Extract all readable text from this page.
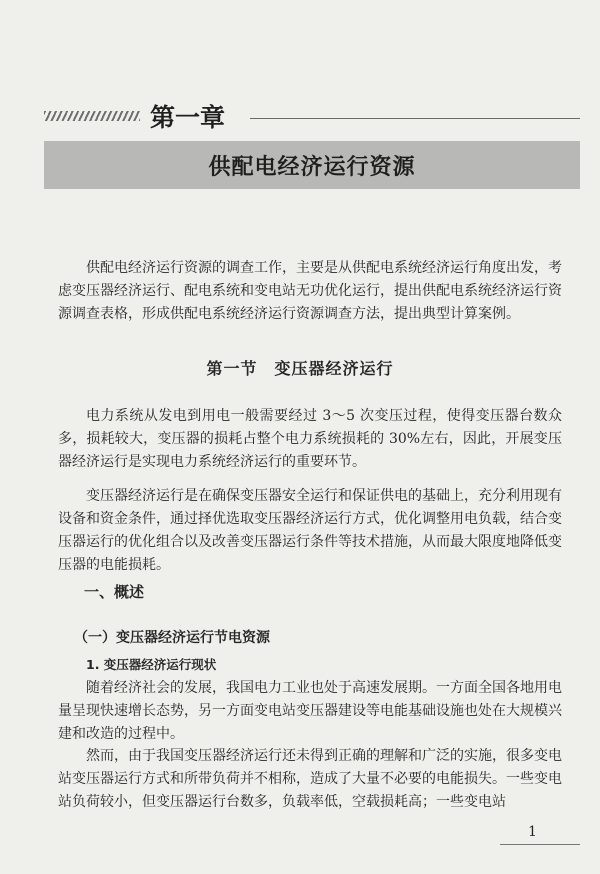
第一章
供配电经济运行资源

供配电经济运行资源的调查工作，主要是从供配电系统经济运行角度出发，考虑变压器经济运行、配电系统和变电站无功优化运行，提出供配电系统经济运行资源调查表格，形成供配电系统经济运行资源调查方法，提出典型计算案例。

第一节　变压器经济运行

电力系统从发电到用电一般需要经过 3～5 次变压过程，使得变压器台数众多，损耗较大，变压器的损耗占整个电力系统损耗的 30%左右，因此，开展变压器经济运行是实现电力系统经济运行的重要环节。

变压器经济运行是在确保变压器安全运行和保证供电的基础上，充分利用现有设备和资金条件，通过择优选取变压器经济运行方式，优化调整用电负载，结合变压器运行的优化组合以及改善变压器运行条件等技术措施，从而最大限度地降低变压器的电能损耗。

一、概述
（一）变压器经济运行节电资源
1. 变压器经济运行现状

随着经济社会的发展，我国电力工业也处于高速发展期。一方面全国各地用电量呈现快速增长态势，另一方面变电站变压器建设等电能基础设施也处在大规模兴建和改造的过程中。

然而，由于我国变压器经济运行还未得到正确的理解和广泛的实施，很多变电站变压器运行方式和所带负荷并不相称，造成了大量不必要的电能损失。一些变电站负荷较小，但变压器运行台数多，负载率低，空载损耗高；一些变电站

1
